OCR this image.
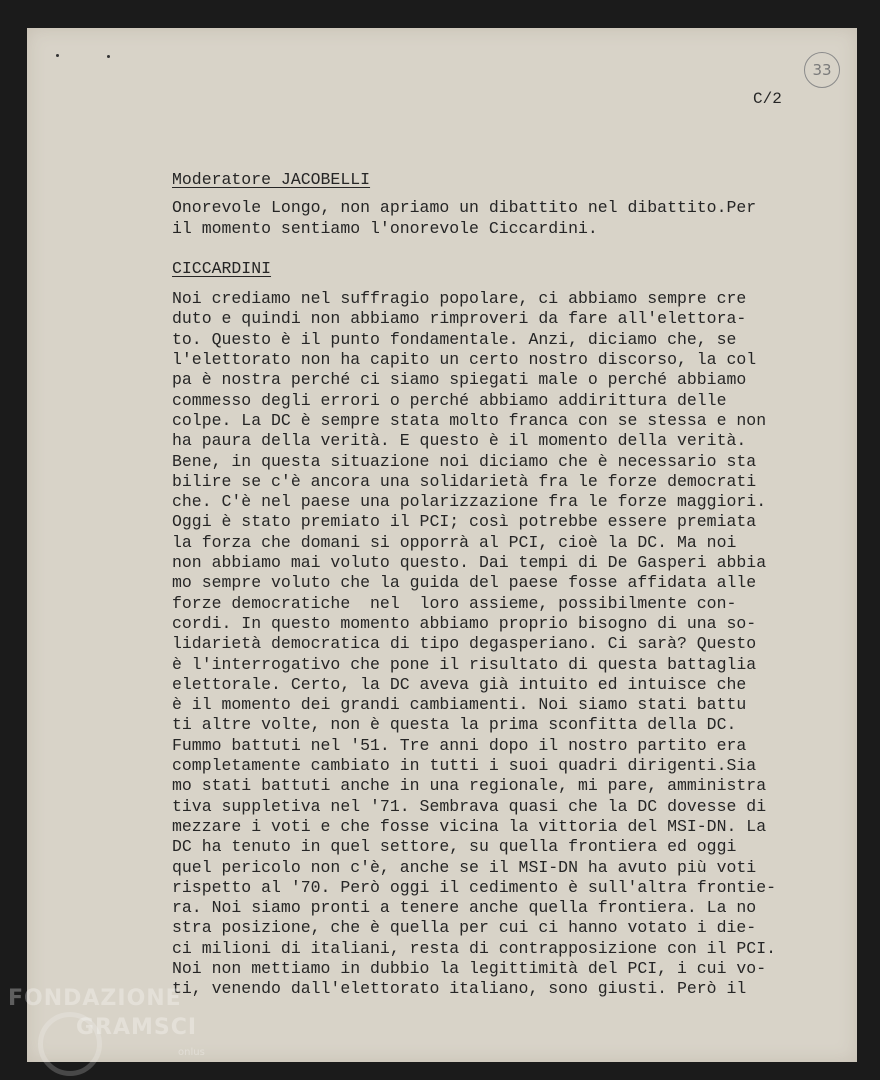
33
C/2
Moderatore JACOBELLI
Onorevole Longo, non apriamo un dibattito nel dibattito.Per
il momento sentiamo l'onorevole Ciccardini.
CICCARDINI
Noi crediamo nel suffragio popolare, ci abbiamo sempre cre
duto e quindi non abbiamo rimproveri da fare all'elettora-
to. Questo è il punto fondamentale. Anzi, diciamo che, se
l'elettorato non ha capito un certo nostro discorso, la col
pa è nostra perché ci siamo spiegati male o perché abbiamo
commesso degli errori o perché abbiamo addirittura delle
colpe. La DC è sempre stata molto franca con se stessa e non
ha paura della verità. E questo è il momento della verità.
Bene, in questa situazione noi diciamo che è necessario sta
bilire se c'è ancora una solidarietà fra le forze democrati
che. C'è nel paese una polarizzazione fra le forze maggiori.
Oggi è stato premiato il PCI; così potrebbe essere premiata
la forza che domani si opporrà al PCI, cioè la DC. Ma noi
non abbiamo mai voluto questo. Dai tempi di De Gasperi abbia
mo sempre voluto che la guida del paese fosse affidata alle
forze democratiche  nel  loro assieme, possibilmente con-
cordi. In questo momento abbiamo proprio bisogno di una so-
lidarietà democratica di tipo degasperiano. Ci sarà? Questo
è l'interrogativo che pone il risultato di questa battaglia
elettorale. Certo, la DC aveva già intuito ed intuisce che
è il momento dei grandi cambiamenti. Noi siamo stati battu
ti altre volte, non è questa la prima sconfitta della DC.
Fummo battuti nel '51. Tre anni dopo il nostro partito era
completamente cambiato in tutti i suoi quadri dirigenti.Sia
mo stati battuti anche in una regionale, mi pare, amministra
tiva suppletiva nel '71. Sembrava quasi che la DC dovesse di
mezzare i voti e che fosse vicina la vittoria del MSI-DN. La
DC ha tenuto in quel settore, su quella frontiera ed oggi
quel pericolo non c'è, anche se il MSI-DN ha avuto più voti
rispetto al '70. Però oggi il cedimento è sull'altra frontie-
ra. Noi siamo pronti a tenere anche quella frontiera. La no
stra posizione, che è quella per cui ci hanno votato i die-
ci milioni di italiani, resta di contrapposizione con il PCI.
Noi non mettiamo in dubbio la legittimità del PCI, i cui vo-
ti, venendo dall'elettorato italiano, sono giusti. Però il
FONDAZIONE
GRAMSCI
onlus
